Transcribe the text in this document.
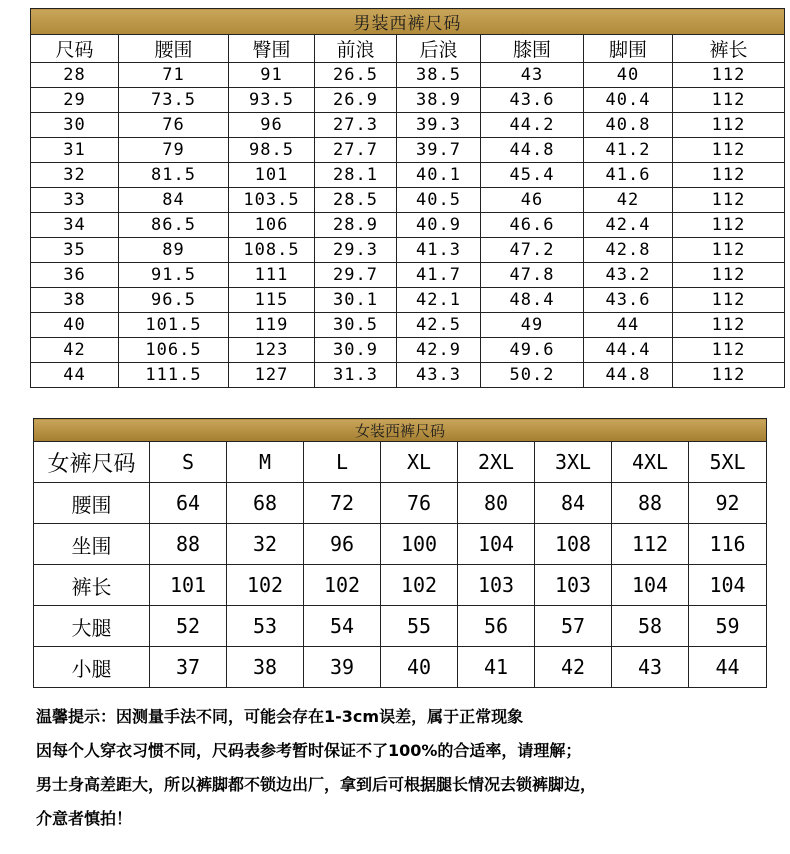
男装西裤尺码							
尺码	腰围	臀围	前浪	后浪	膝围	脚围	裤长
28	71	91	26.5	38.5	43	40	112
29	73.5	93.5	26.9	38.9	43.6	40.4	112
30	76	96	27.3	39.3	44.2	40.8	112
31	79	98.5	27.7	39.7	44.8	41.2	112
32	81.5	101	28.1	40.1	45.4	41.6	112
33	84	103.5	28.5	40.5	46	42	112
34	86.5	106	28.9	40.9	46.6	42.4	112
35	89	108.5	29.3	41.3	47.2	42.8	112
36	91.5	111	29.7	41.7	47.8	43.2	112
38	96.5	115	30.1	42.1	48.4	43.6	112
40	101.5	119	30.5	42.5	49	44	112
42	106.5	123	30.9	42.9	49.6	44.4	112
44	111.5	127	31.3	43.3	50.2	44.8	112
女装西裤尺码								
女裤尺码	S	M	L	XL	2XL	3XL	4XL	5XL
腰围	64	68	72	76	80	84	88	92
坐围	88	32	96	100	104	108	112	116
裤长	101	102	102	102	103	103	104	104
大腿	52	53	54	55	56	57	58	59
小腿	37	38	39	40	41	42	43	44

温馨提示：因测量手法不同，可能会存在1-3cm误差，属于正常现象

因每个人穿衣习惯不同，尺码表参考暂时保证不了100%的合适率，请理解；

男士身高差距大，所以裤脚都不锁边出厂，拿到后可根据腿长情况去锁裤脚边，

介意者慎拍！
